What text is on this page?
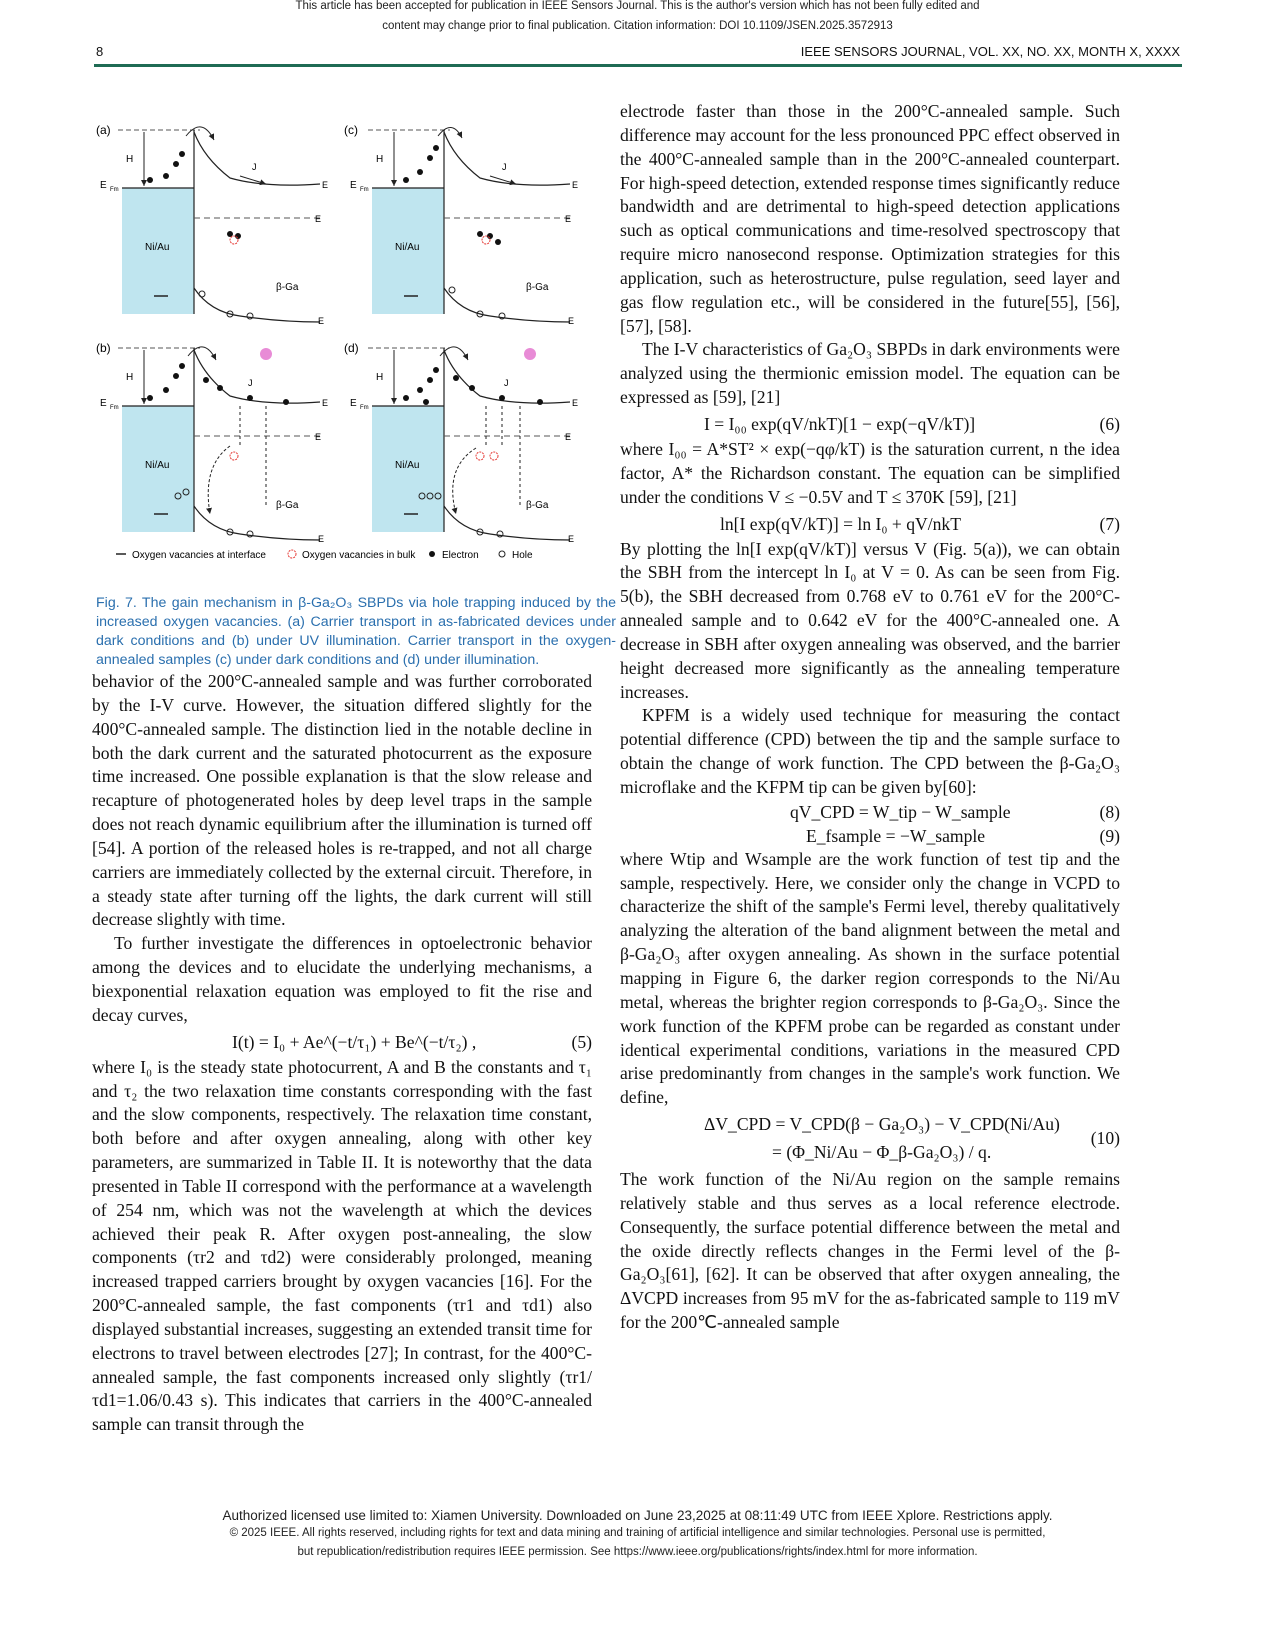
This article has been accepted for publication in IEEE Sensors Journal. This is the author's version which has not been fully edited and
content may change prior to final publication. Citation information: DOI 10.1109/JSEN.2025.3572913
8	IEEE SENSORS JOURNAL, VOL. XX, NO. XX, MONTH X, XXXX
(a)
H
E Fm
Ni/Au
E
E
E
β-Ga
J
(c)
H
E Fm
Ni/Au
E
E
E
β-Ga
J
(b)
H
E Fm
Ni/Au
E
E
E
β-Ga
J
(d)
H
E Fm
Ni/Au
E
E
E
β-Ga
J
Oxygen vacancies at interface	Oxygen vacancies in bulk	Electron	Hole
Fig. 7. The gain mechanism in β-Ga₂O₃ SBPDs via hole trapping induced by the increased oxygen vacancies. (a) Carrier transport in as-fabricated devices under dark conditions and (b) under UV illumination. Carrier transport in the oxygen-annealed samples (c) under dark conditions and (d) under illumination.

behavior of the 200°C-annealed sample and was further corroborated by the I-V curve. However, the situation differed slightly for the 400°C-annealed sample. The distinction lied in the notable decline in both the dark current and the saturated photocurrent as the exposure time increased. One possible explanation is that the slow release and recapture of photogenerated holes by deep level traps in the sample does not reach dynamic equilibrium after the illumination is turned off [54]. A portion of the released holes is re-trapped, and not all charge carriers are immediately collected by the external circuit. Therefore, in a steady state after turning off the lights, the dark current will still decrease slightly with time.

To further investigate the differences in optoelectronic behavior among the devices and to elucidate the underlying mechanisms, a biexponential relaxation equation was employed to fit the rise and decay curves,

I(t) = I₀ + Ae^(−t/τ₁) + Be^(−t/τ₂) ,	(5)

where I₀ is the steady state photocurrent, A and B the constants and τ₁ and τ₂ the two relaxation time constants corresponding with the fast and the slow components, respectively. The relaxation time constant, both before and after oxygen annealing, along with other key parameters, are summarized in Table II. It is noteworthy that the data presented in Table II correspond with the performance at a wavelength of 254 nm, which was not the wavelength at which the devices achieved their peak R. After oxygen post-annealing, the slow components (τr2 and τd2) were considerably prolonged, meaning increased trapped carriers brought by oxygen vacancies [16]. For the 200°C-annealed sample, the fast components (τr1 and τd1) also displayed substantial increases, suggesting an extended transit time for electrons to travel between electrodes [27]; In contrast, for the 400°C-annealed sample, the fast components increased only slightly (τr1/τd1=1.06/0.43 s). This indicates that carriers in the 400°C-annealed sample can transit through the

electrode faster than those in the 200°C-annealed sample. Such difference may account for the less pronounced PPC effect observed in the 400°C-annealed sample than in the 200°C-annealed counterpart. For high-speed detection, extended response times significantly reduce bandwidth and are detrimental to high-speed detection applications such as optical communications and time-resolved spectroscopy that require micro nanosecond response. Optimization strategies for this application, such as heterostructure, pulse regulation, seed layer and gas flow regulation etc., will be considered in the future[55], [56], [57], [58].

The I-V characteristics of Ga₂O₃ SBPDs in dark environments were analyzed using the thermionic emission model. The equation can be expressed as [59], [21]

I = I₀₀ exp(qV/nkT)[1 − exp(−qV/kT)]	(6)

where I₀₀ = A*ST² × exp(−qφ/kT) is the saturation current, n the idea factor, A* the Richardson constant. The equation can be simplified under the conditions V ≤ −0.5V and T ≤ 370K [59], [21]

ln[I exp(qV/kT)] = ln I₀ + qV/nkT	(7)

By plotting the ln[I exp(qV/kT)] versus V (Fig. 5(a)), we can obtain the SBH from the intercept ln I₀ at V = 0. As can be seen from Fig. 5(b), the SBH decreased from 0.768 eV to 0.761 eV for the 200°C-annealed sample and to 0.642 eV for the 400°C-annealed one. A decrease in SBH after oxygen annealing was observed, and the barrier height decreased more significantly as the annealing temperature increases.

KPFM is a widely used technique for measuring the contact potential difference (CPD) between the tip and the sample surface to obtain the change of work function. The CPD between the β-Ga₂O₃ microflake and the KFPM tip can be given by[60]:

qV_CPD = W_tip − W_sample	(8)
E_fsample = −W_sample	(9)

where Wtip and Wsample are the work function of test tip and the sample, respectively. Here, we consider only the change in VCPD to characterize the shift of the sample's Fermi level, thereby qualitatively analyzing the alteration of the band alignment between the metal and β-Ga₂O₃ after oxygen annealing. As shown in the surface potential mapping in Figure 6, the darker region corresponds to the Ni/Au metal, whereas the brighter region corresponds to β-Ga₂O₃. Since the work function of the KPFM probe can be regarded as constant under identical experimental conditions, variations in the measured CPD arise predominantly from changes in the sample's work function. We define,

ΔV_CPD = V_CPD(β − Ga₂O₃) − V_CPD(Ni/Au)
= (Φ_Ni/Au − Φ_β-Ga₂O₃) / q.
(10)

The work function of the Ni/Au region on the sample remains relatively stable and thus serves as a local reference electrode. Consequently, the surface potential difference between the metal and the oxide directly reflects changes in the Fermi level of the β-Ga₂O₃[61], [62]. It can be observed that after oxygen annealing, the ΔVCPD increases from 95 mV for the as-fabricated sample to 119 mV for the 200℃-annealed sample

Authorized licensed use limited to: Xiamen University. Downloaded on June 23,2025 at 08:11:49 UTC from IEEE Xplore. Restrictions apply.
© 2025 IEEE. All rights reserved, including rights for text and data mining and training of artificial intelligence and similar technologies. Personal use is permitted,
but republication/redistribution requires IEEE permission. See https://www.ieee.org/publications/rights/index.html for more information.
